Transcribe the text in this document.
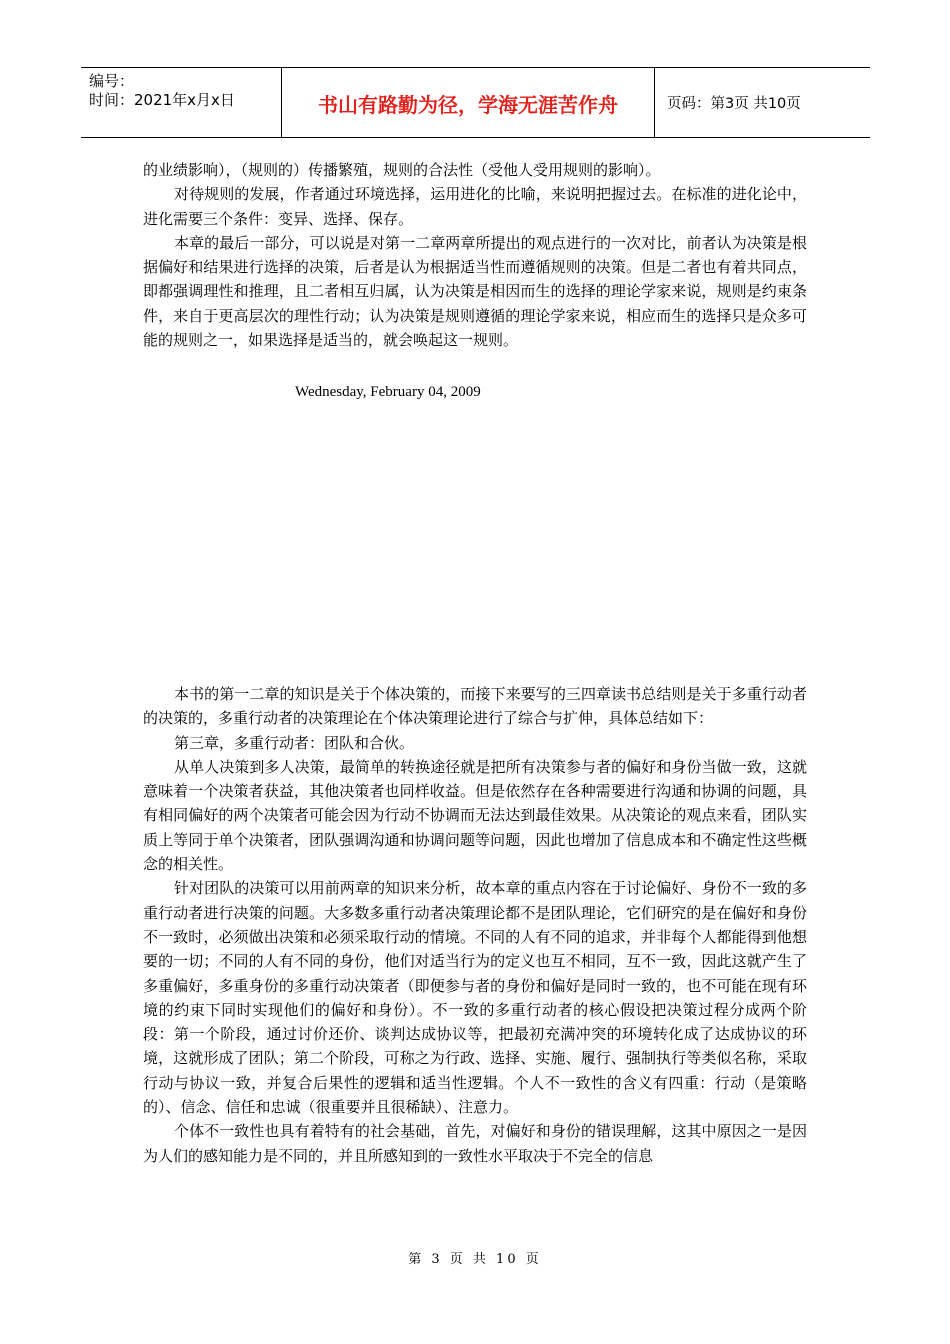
编号：
时间：2021年x月x日	书山有路勤为径，学海无涯苦作舟	页码：第3页 共10页

的业绩影响），（规则的）传播繁殖，规则的合法性（受他人受用规则的影响）。

对待规则的发展，作者通过环境选择，运用进化的比喻，来说明把握过去。在标准的进化论中，进化需要三个条件：变异、选择、保存。

本章的最后一部分，可以说是对第一二章两章所提出的观点进行的一次对比，前者认为决策是根据偏好和结果进行选择的决策，后者是认为根据适当性而遵循规则的决策。但是二者也有着共同点，即都强调理性和推理，且二者相互归属，认为决策是相因而生的选择的理论学家来说，规则是约束条件，来自于更高层次的理性行动；认为决策是规则遵循的理论学家来说，相应而生的选择只是众多可能的规则之一，如果选择是适当的，就会唤起这一规则。

Wednesday, February 04, 2009

本书的第一二章的知识是关于个体决策的，而接下来要写的三四章读书总结则是关于多重行动者的决策的，多重行动者的决策理论在个体决策理论进行了综合与扩伸，具体总结如下：

第三章，多重行动者：团队和合伙。

从单人决策到多人决策，最简单的转换途径就是把所有决策参与者的偏好和身份当做一致，这就意味着一个决策者获益，其他决策者也同样收益。但是依然存在各种需要进行沟通和协调的问题，具有相同偏好的两个决策者可能会因为行动不协调而无法达到最佳效果。从决策论的观点来看，团队实质上等同于单个决策者，团队强调沟通和协调问题等问题，因此也增加了信息成本和不确定性这些概念的相关性。

针对团队的决策可以用前两章的知识来分析，故本章的重点内容在于讨论偏好、身份不一致的多重行动者进行决策的问题。大多数多重行动者决策理论都不是团队理论，它们研究的是在偏好和身份不一致时，必须做出决策和必须采取行动的情境。不同的人有不同的追求，并非每个人都能得到他想要的一切；不同的人有不同的身份，他们对适当行为的定义也互不相同，互不一致，因此这就产生了多重偏好，多重身份的多重行动决策者（即便参与者的身份和偏好是同时一致的，也不可能在现有环境的约束下同时实现他们的偏好和身份）。不一致的多重行动者的核心假设把决策过程分成两个阶段：第一个阶段，通过讨价还价、谈判达成协议等，把最初充满冲突的环境转化成了达成协议的环境，这就形成了团队；第二个阶段，可称之为行政、选择、实施、履行、强制执行等类似名称，采取行动与协议一致，并复合后果性的逻辑和适当性逻辑。个人不一致性的含义有四重：行动（是策略的）、信念、信任和忠诚（很重要并且很稀缺）、注意力。

个体不一致性也具有着特有的社会基础，首先，对偏好和身份的错误理解，这其中原因之一是因为人们的感知能力是不同的，并且所感知到的一致性水平取决于不完全的信息

第 3 页 共 10 页
